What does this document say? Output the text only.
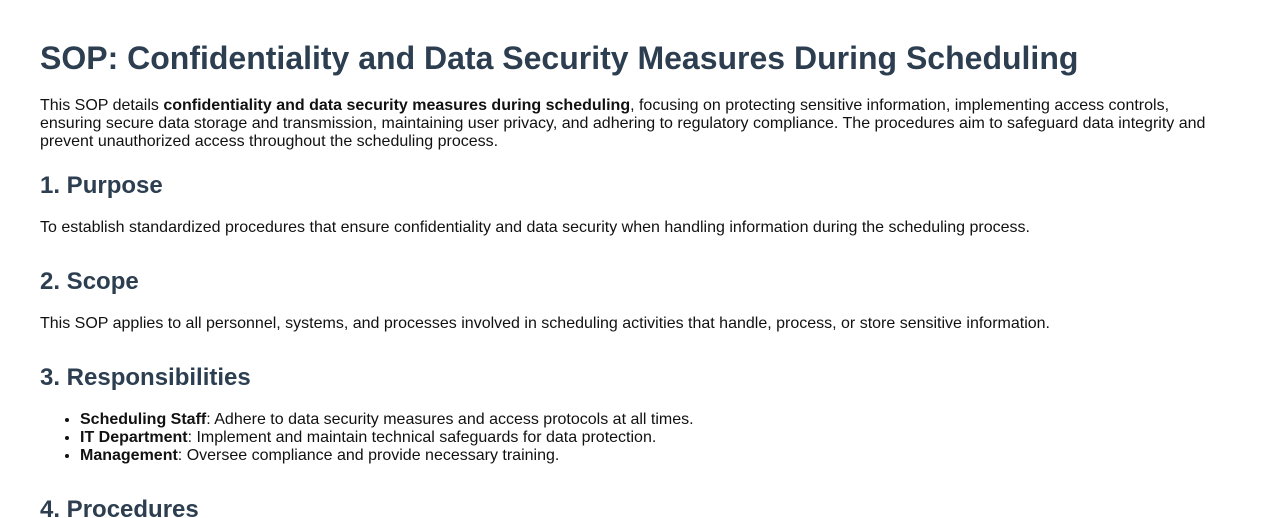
SOP: Confidentiality and Data Security Measures During Scheduling

This SOP details confidentiality and data security measures during scheduling, focusing on protecting sensitive information, implementing access controls, ensuring secure data storage and transmission, maintaining user privacy, and adhering to regulatory compliance. The procedures aim to safeguard data integrity and prevent unauthorized access throughout the scheduling process.

1. Purpose

To establish standardized procedures that ensure confidentiality and data security when handling information during the scheduling process.

2. Scope

This SOP applies to all personnel, systems, and processes involved in scheduling activities that handle, process, or store sensitive information.

3. Responsibilities
• Scheduling Staff: Adhere to data security measures and access protocols at all times.
• IT Department: Implement and maintain technical safeguards for data protection.
• Management: Oversee compliance and provide necessary training.
4. Procedures
